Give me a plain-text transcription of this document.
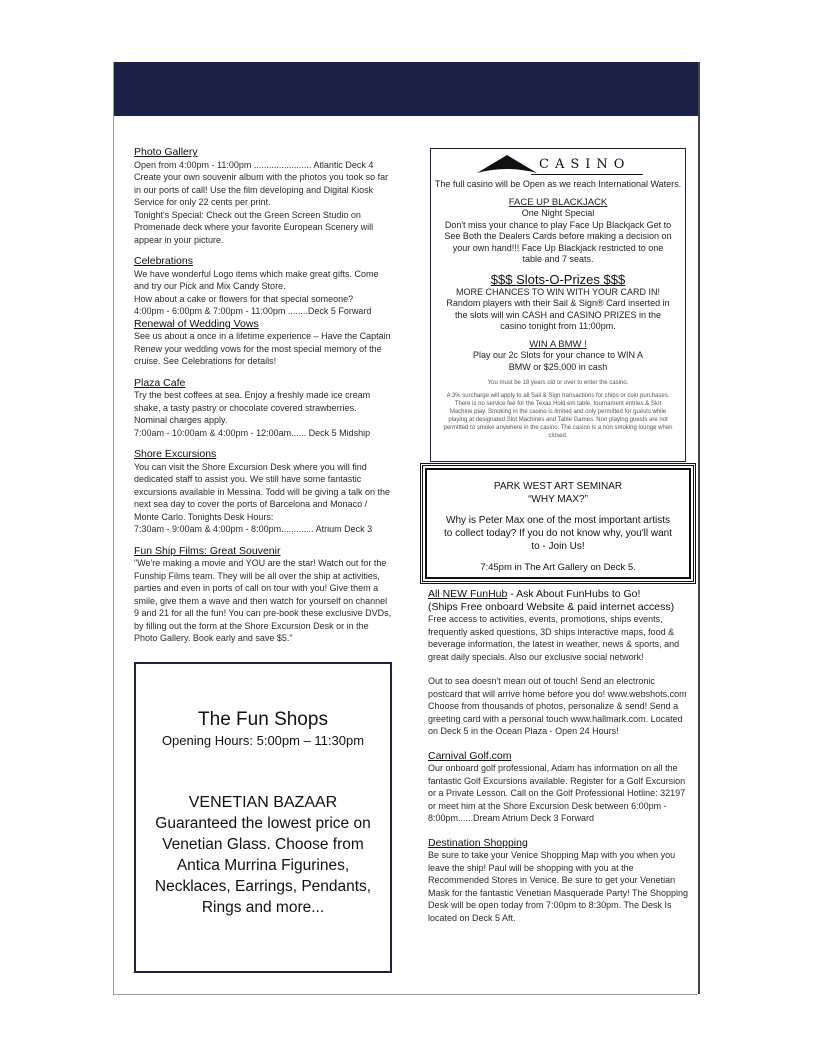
Photo Gallery

Open from 4:00pm - 11:00pm ....................... Atlantic Deck 4

Create your own souvenir album with the photos you took so far in our ports of call! Use the film developing and Digital Kiosk Service for only 22 cents per print.

Tonight's Special: Check out the Green Screen Studio on Promenade deck where your favorite European Scenery will appear in your picture.

Celebrations

We have wonderful Logo items which make great gifts. Come and try our Pick and Mix Candy Store.

How about a cake or flowers for that special someone?

4:00pm - 6:00pm & 7:00pm - 11:00pm ........Deck 5 Forward

Renewal of Wedding Vows

See us about a once in a lifetime experience – Have the Captain Renew your wedding vows for the most special memory of the cruise. See Celebrations for details!

Plaza Cafe

Try the best coffees at sea. Enjoy a freshly made ice cream shake, a tasty pastry or chocolate covered strawberries. Nominal charges apply.

7:00am - 10:00am & 4:00pm - 12:00am...... Deck 5 Midship

Shore Excursions

You can visit the Shore Excursion Desk where you will find dedicated staff to assist you. We still have some fantastic excursions available in Messina. Todd will be giving a talk on the next sea day to cover the ports of Barcelona and Monaco / Monte Carlo. Tonights Desk Hours:

7:30am - 9:00am & 4:00pm - 8:00pm............. Atrium Deck 3

Fun Ship Films: Great Souvenir

"We're making a movie and YOU are the star! Watch out for the Funship Films team. They will be all over the ship at activities, parties and even in ports of call on tour with you! Give them a smile, give them a wave and then watch for yourself on channel 9 and 21 for all the fun! You can pre-book these exclusive DVDs, by filling out the form at the Shore Excursion Desk or in the Photo Gallery. Book early and save $5."

The Fun Shops
Opening Hours: 5:00pm – 11:30pm
VENETIAN BAZAAR
Guaranteed the lowest price on Venetian Glass. Choose from Antica Murrina Figurines, Necklaces, Earrings, Pendants, Rings and more...
CASINO
The full casino will be Open as we reach International Waters.
FACE UP BLACKJACK
One Night Special
Don't miss your chance to play Face Up Blackjack Get to See Both the Dealers Cards before making a decision on your own hand!!! Face Up Blackjack restricted to one table and 7 seats.
$$$ Slots-O-Prizes $$$
MORE CHANCES TO WIN WITH YOUR CARD IN! Random players with their Sail & Sign® Card inserted in the slots will win CASH and CASINO PRIZES in the casino tonight from 11:00pm.
WIN A BMW !
Play our 2c Slots for your chance to WIN A BMW or $25,000 in cash
You must be 18 years old or over to enter the casino.
A 3% surcharge will apply to all Sail & Sign transactions for chips or coin purchases. There is no service fee for the Texas Hold em table, tournament entries & Slot Machine play. Smoking in the casino is limited and only permitted for guests while playing at designated Slot Machines and Table Games. Non playing guests are not permitted to smoke anywhere in the casino. The casino is a non smoking lounge when closed.
PARK WEST ART SEMINAR
“WHY MAX?”
Why is Peter Max one of the most important artists to collect today? If you do not know why, you'll want to - Join Us!
7:45pm in The Art Gallery on Deck 5.

All NEW FunHub - Ask About FunHubs to Go!

(Ships Free onboard Website & paid internet access)

Free access to activities, events, promotions, ships events, frequently asked questions, 3D ships interactive maps, food & beverage information, the latest in weather, news & sports, and great daily specials. Also our exclusive social network!

Out to sea doesn't mean out of touch! Send an electronic postcard that will arrive home before you do! www.webshots.com Choose from thousands of photos, personalize & send! Send a greeting card with a personal touch www.hallmark.com. Located on Deck 5 in the Ocean Plaza - Open 24 Hours!

Carnival Golf.com

Our onboard golf professional, Adam has information on all the fantastic Golf Excursions available. Register for a Golf Excursion or a Private Lesson. Call on the Golf Professional Hotline: 32197 or meet him at the Shore Excursion Desk between 6:00pm - 8:00pm......Dream Atrium Deck 3 Forward

Destination Shopping

Be sure to take your Venice Shopping Map with you when you leave the ship! Paul will be shopping with you at the Recommended Stores in Venice. Be sure to get your Venetian Mask for the fantastic Venetian Masquerade Party! The Shopping Desk will be open today from 7:00pm to 8:30pm. The Desk Is located on Deck 5 Aft.
